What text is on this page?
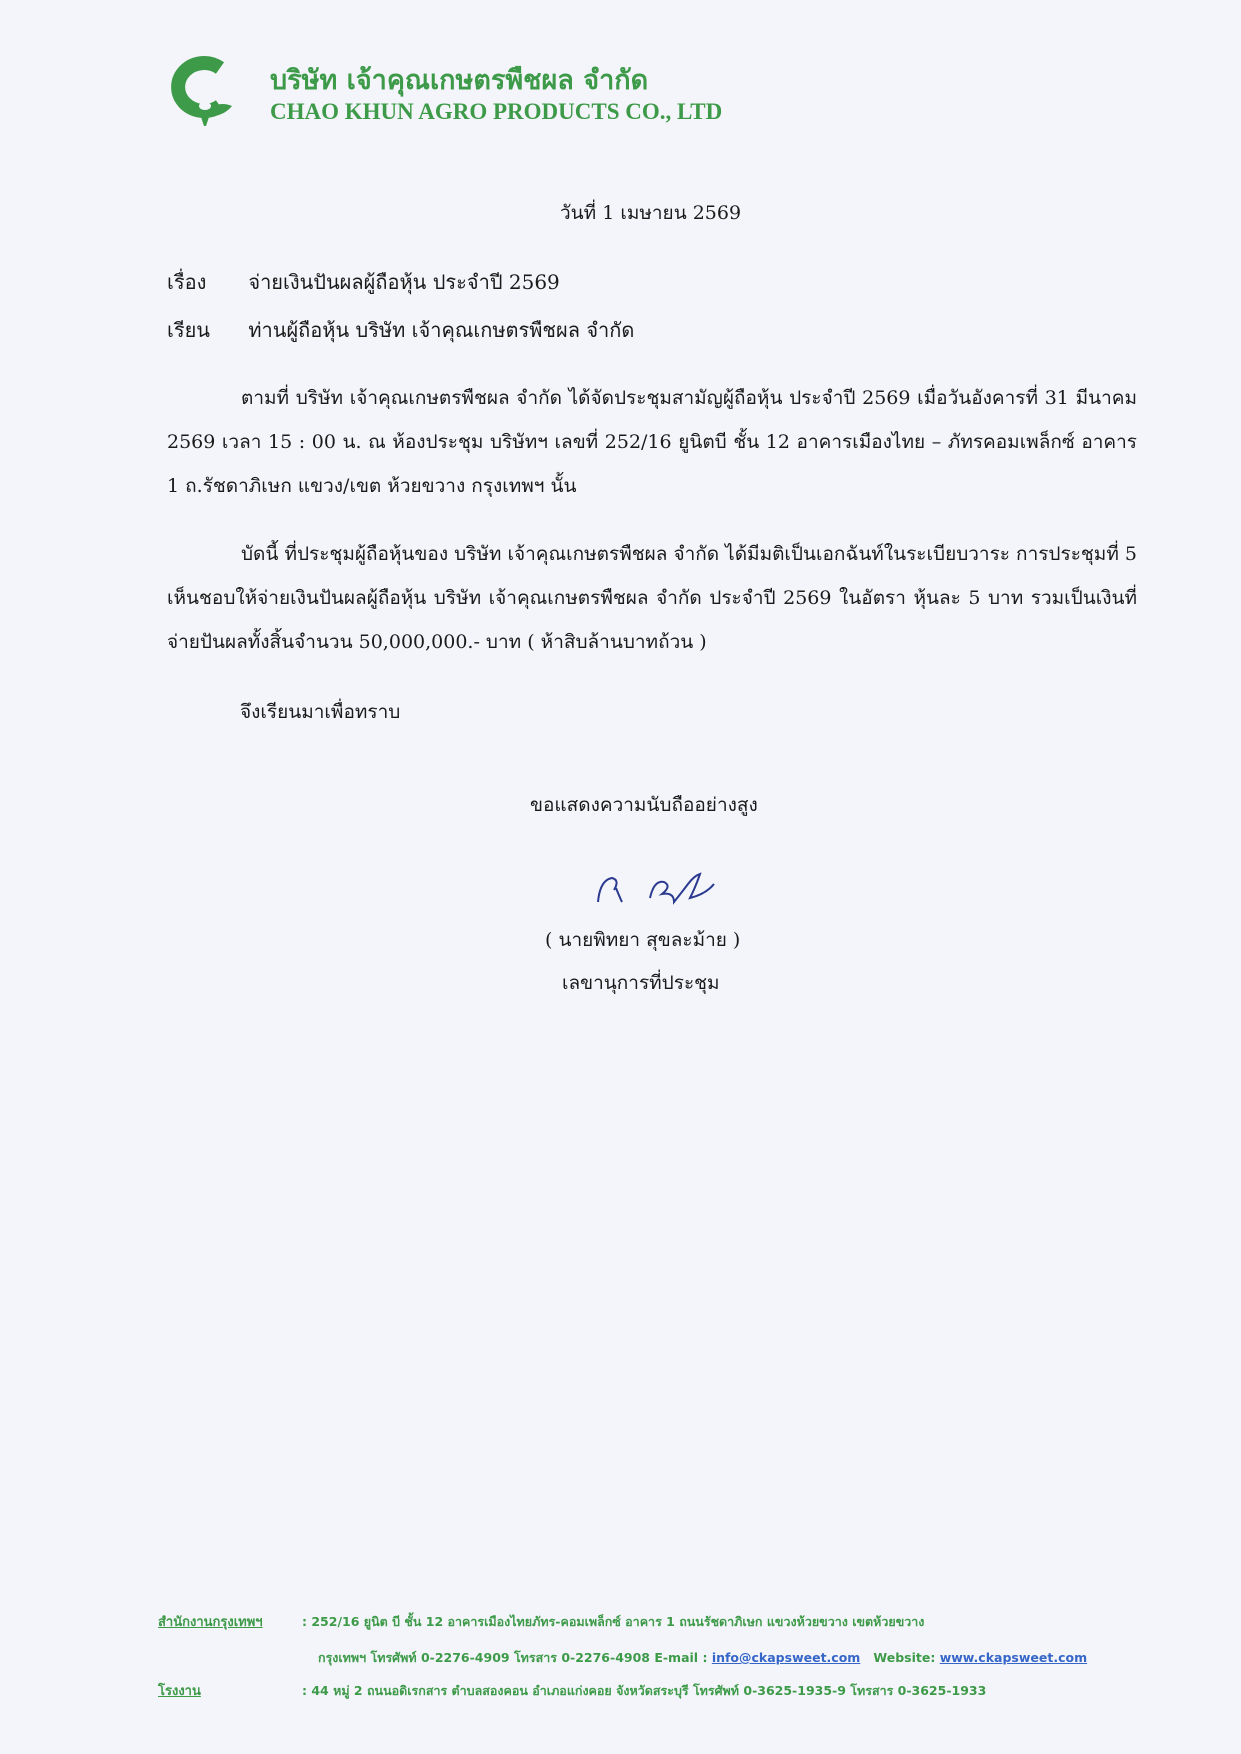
บริษัท เจ้าคุณเกษตรพืชผล จำกัด
CHAO KHUN AGRO PRODUCTS CO., LTD
วันที่ 1 เมษายน 2569
เรื่อง จ่ายเงินปันผลผู้ถือหุ้น ประจำปี 2569
เรียน ท่านผู้ถือหุ้น บริษัท เจ้าคุณเกษตรพืชผล จำกัด
ตามที่ บริษัท เจ้าคุณเกษตรพืชผล จำกัด ได้จัดประชุมสามัญผู้ถือหุ้น ประจำปี 2569 เมื่อวันอังคารที่ 31 มีนาคม 2569 เวลา 15 : 00 น. ณ ห้องประชุม บริษัทฯ เลขที่ 252/16 ยูนิตบี ชั้น 12 อาคารเมืองไทย – ภัทรคอมเพล็กซ์ อาคาร 1 ถ.รัชดาภิเษก แขวง/เขต ห้วยขวาง กรุงเทพฯ นั้น
บัดนี้ ที่ประชุมผู้ถือหุ้นของ บริษัท เจ้าคุณเกษตรพืชผล จำกัด ได้มีมติเป็นเอกฉันท์ในระเบียบวาระ การประชุมที่ 5 เห็นชอบให้จ่ายเงินปันผลผู้ถือหุ้น บริษัท เจ้าคุณเกษตรพืชผล จำกัด ประจำปี 2569 ในอัตรา หุ้นละ 5 บาท รวมเป็นเงินที่จ่ายปันผลทั้งสิ้นจำนวน 50,000,000.- บาท ( ห้าสิบล้านบาทถ้วน )
จึงเรียนมาเพื่อทราบ
ขอแสดงความนับถืออย่างสูง
( นายพิทยา สุขละม้าย )
เลขานุการที่ประชุม
สำนักงานกรุงเทพฯ	: 252/16 ยูนิต บี ชั้น 12 อาคารเมืองไทยภัทร-คอมเพล็กซ์ อาคาร 1 ถนนรัชดาภิเษก แขวงห้วยขวาง เขตห้วยขวาง
กรุงเทพฯ โทรศัพท์ 0-2276-4909 โทรสาร 0-2276-4908 E-mail : info@ckapsweet.com Website: www.ckapsweet.com
โรงงาน	: 44 หมู่ 2 ถนนอดิเรกสาร ตำบลสองคอน อำเภอแก่งคอย จังหวัดสระบุรี โทรศัพท์ 0-3625-1935-9 โทรสาร 0-3625-1933
